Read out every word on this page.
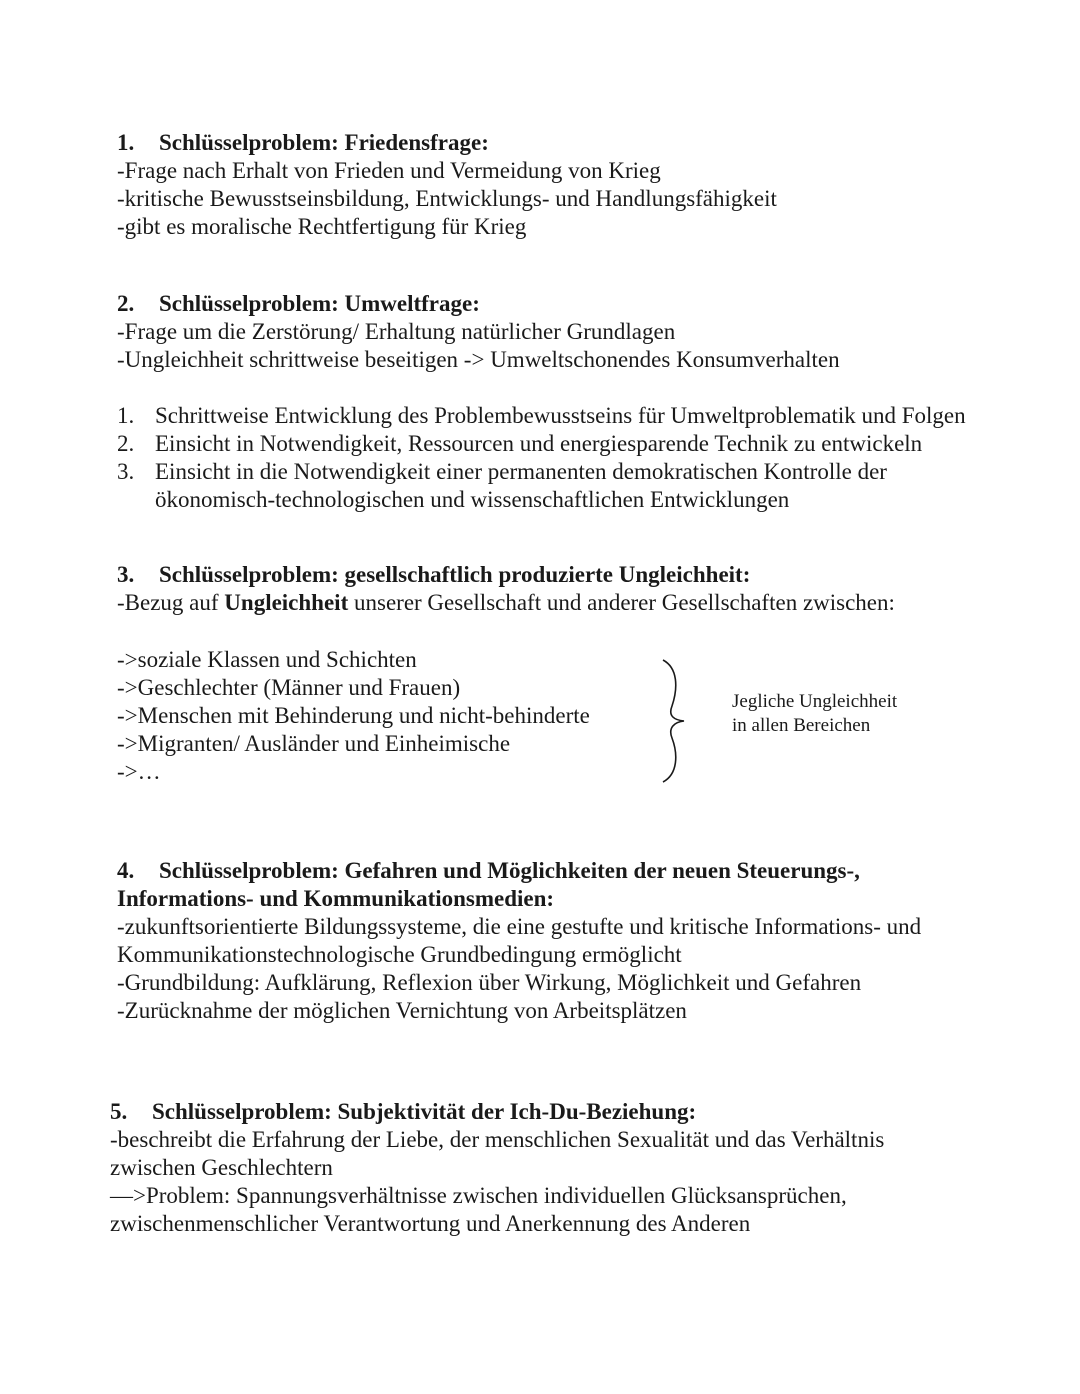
1. Schlüsselproblem: Friedensfrage:
-Frage nach Erhalt von Frieden und Vermeidung von Krieg
-kritische Bewusstseinsbildung, Entwicklungs- und Handlungsfähigkeit
-gibt es moralische Rechtfertigung für Krieg
2. Schlüsselproblem: Umweltfrage:
-Frage um die Zerstörung/ Erhaltung natürlicher Grundlagen
-Ungleichheit schrittweise beseitigen -> Umweltschonendes Konsumverhalten
1. Schrittweise Entwicklung des Problembewusstseins für Umweltproblematik und Folgen
2. Einsicht in Notwendigkeit, Ressourcen und energiesparende Technik zu entwickeln
3. Einsicht in die Notwendigkeit einer permanenten demokratischen Kontrolle der
ökonomisch-technologischen und wissenschaftlichen Entwicklungen
3. Schlüsselproblem: gesellschaftlich produzierte Ungleichheit:
-Bezug auf Ungleichheit unserer Gesellschaft und anderer Gesellschaften zwischen:
->soziale Klassen und Schichten
->Geschlechter (Männer und Frauen)
->Menschen mit Behinderung und nicht-behinderte
->Migranten/ Ausländer und Einheimische
->…
Jegliche Ungleichheit
in allen Bereichen
4. Schlüsselproblem: Gefahren und Möglichkeiten der neuen Steuerungs-,
Informations- und Kommunikationsmedien:
-zukunftsorientierte Bildungssysteme, die eine gestufte und kritische Informations- und
Kommunikationstechnologische Grundbedingung ermöglicht
-Grundbildung: Aufklärung, Reflexion über Wirkung, Möglichkeit und Gefahren
-Zurücknahme der möglichen Vernichtung von Arbeitsplätzen
5. Schlüsselproblem: Subjektivität der Ich-Du-Beziehung:
-beschreibt die Erfahrung der Liebe, der menschlichen Sexualität und das Verhältnis
zwischen Geschlechtern
—>Problem: Spannungsverhältnisse zwischen individuellen Glücksansprüchen,
zwischenmenschlicher Verantwortung und Anerkennung des Anderen
